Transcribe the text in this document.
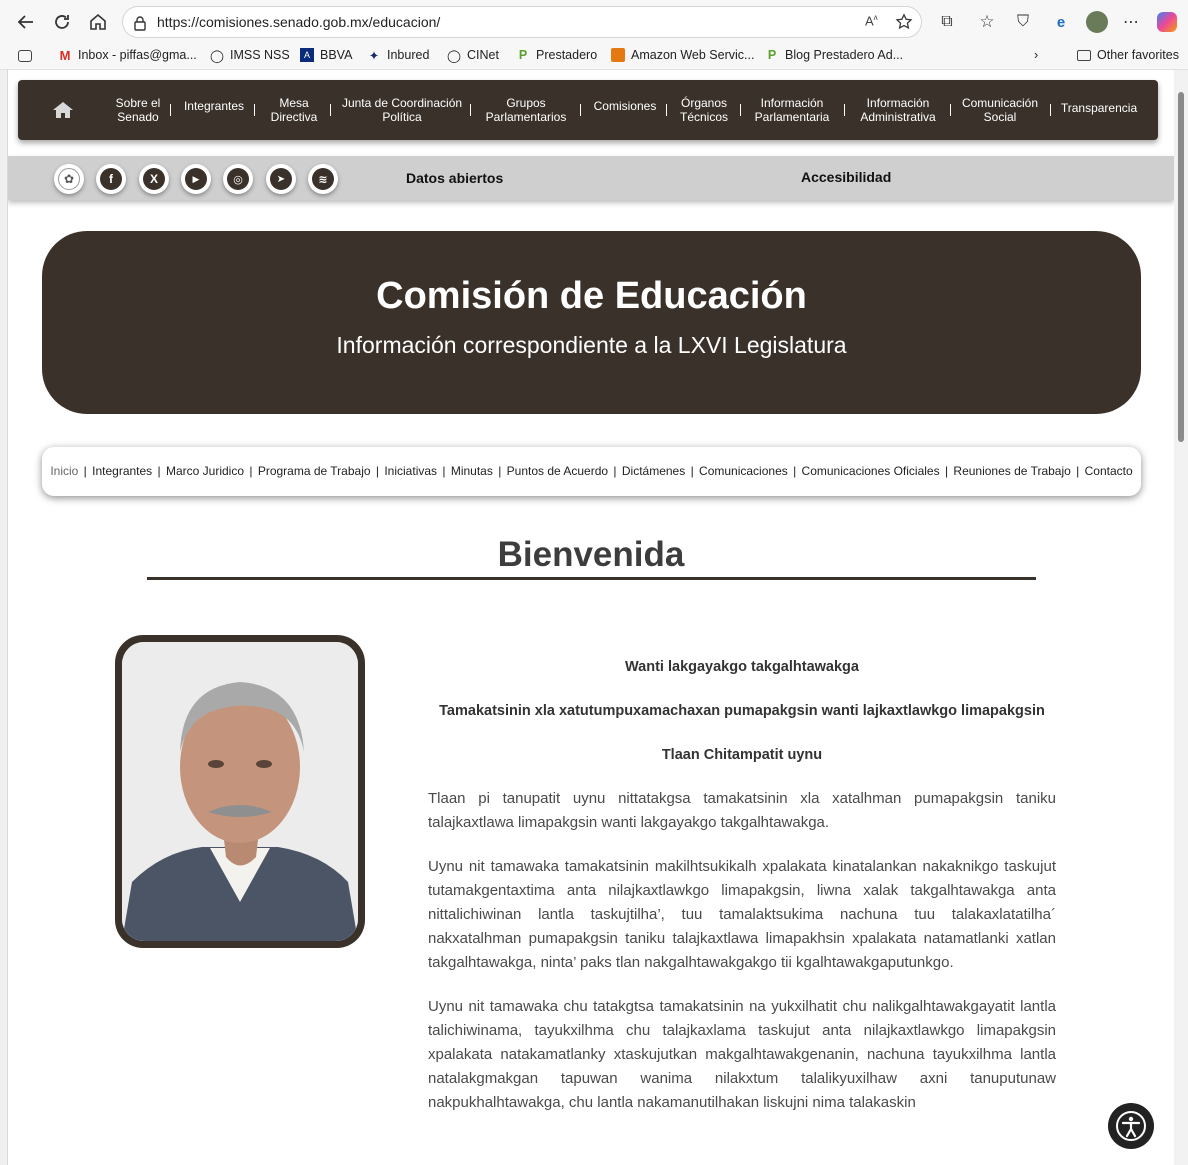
https://comisiones.senado.gob.mx/educacion/	$A^ʌ$	⧉ ☆ ⛉ e	⋯
M Inbox - piffas@gma... ◯ IMSS NSS	A BBVA ✦ Inbured ◯ CINet P Prestadero	Amazon Web Servic... P Blog Prestadero Ad...	›	Other favorites
Sobre el
Senado
Integrantes	Mesa
Directiva
Junta de Coordinación
Política
Grupos
Parlamentarios
Comisiones Órganos
Técnicos
Información
Parlamentaria
Información
Administrativa
Comunicación
Social
Transparencia
✿	f	X	▶	◎	➤	≋	Datos abiertos	Accesibilidad
Comisión de Educación
Información correspondiente a la LXVI Legislatura
Inicio | Integrantes | Marco Juridico | Programa de Trabajo | Iniciativas | Minutas | Puntos de Acuerdo | Dictámenes | Comunicaciones | Comunicaciones Oficiales | Reuniones de Trabajo | Contacto
Bienvenida

Wanti lakgayakgo takgalhtawakga

Tamakatsinin xla xatutumpuxamachaxan pumapakgsin wanti lajkaxtlawkgo limapakgsin

Tlaan Chitampatit uynu

Tlaan pi tanupatit uynu nittatakgsa tamakatsinin xla xatalhman pumapakgsin taniku talajkaxtlawa limapakgsin wanti lakgayakgo takgalhtawakga.

Uynu nit tamawaka tamakatsinin makilhtsukikalh xpalakata kinatalankan nakaknikgo taskujut tutamakgentaxtima anta nilajkaxtlawkgo limapakgsin, liwna xalak takgalhtawakga anta nittalichiwinan lantla taskujtilha’, tuu tamalaktsukima nachuna tuu talakaxlatatilha´ nakxatalhman pumapakgsin taniku talajkaxtlawa limapakhsin xpalakata natamatlanki xatlan takgalhtawakga, ninta’ paks tlan nakgalhtawakgakgo tii kgalhtawakgaputunkgo.

Uynu nit tamawaka chu tatakgtsa tamakatsinin na yukxilhatit chu nalikgalhtawakgayatit lantla talichiwinama, tayukxilhma chu talajkaxlama taskujut anta nilajkaxtlawkgo limapakgsin xpalakata natakamatlanky xtaskujutkan makgalhtawakgenanin, nachuna tayukxilhma lantla natalakgmakgan tapuwan wanima nilakxtum talalikyuxilhaw axni tanuputunaw nakpukhalhtawakga, chu lantla nakamanutilhakan liskujni nima talakaskin
